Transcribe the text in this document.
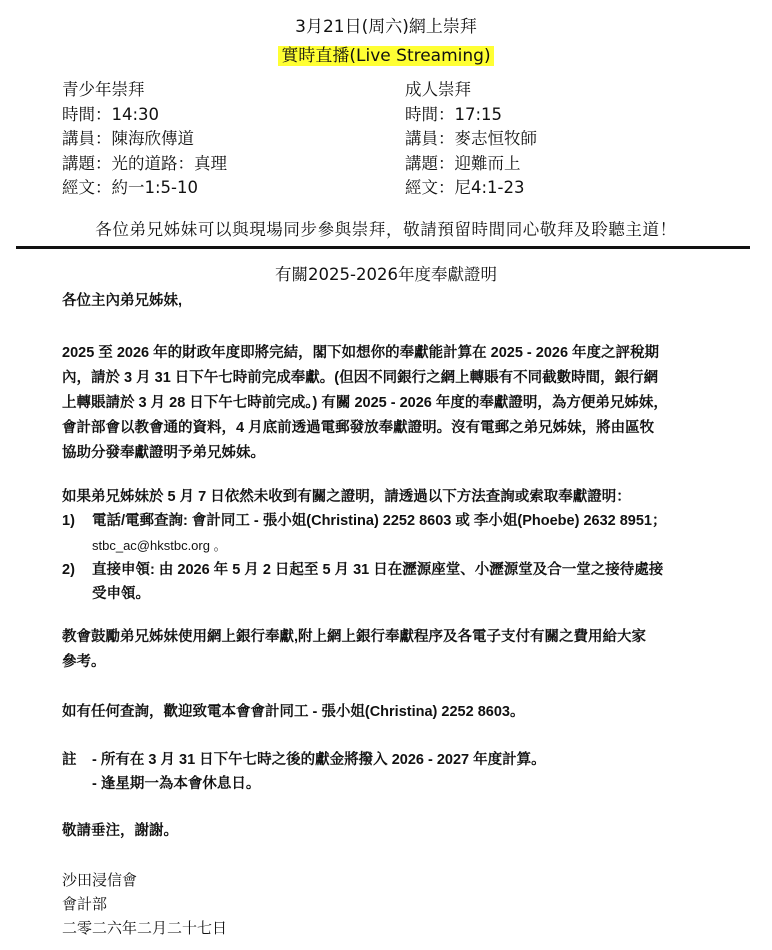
3月21日(周六)網上崇拜
實時直播(Live Streaming)
青少年崇拜
時間：14:30
講員：陳海欣傳道
講題：光的道路：真理
經文：約一1:5-10
成人崇拜
時間：17:15
講員：麥志恒牧師
講題：迎難而上
經文：尼4:1-23
各位弟兄姊妹可以與現場同步參與崇拜，敬請預留時間同心敬拜及聆聽主道！
有關2025-2026年度奉獻證明
各位主內弟兄姊妹,
2025 至 2026 年的財政年度即將完結，閣下如想你的奉獻能計算在 2025 - 2026 年度之評稅期
內，請於 3 月 31 日下午七時前完成奉獻。(但因不同銀行之網上轉賬有不同截數時間，銀行網
上轉賬請於 3 月 28 日下午七時前完成。) 有關 2025 - 2026 年度的奉獻證明，為方便弟兄姊妹，
會計部會以教會通的資料，4 月底前透過電郵發放奉獻證明。沒有電郵之弟兄姊妹，將由區牧
協助分發奉獻證明予弟兄姊妹。
如果弟兄姊妹於 5 月 7 日依然未收到有關之證明，請透過以下方法查詢或索取奉獻證明：
1) 電話/電郵查詢: 會計同工 - 張小姐(Christina) 2252 8603 或 李小姐(Phoebe) 2632 8951；
stbc_ac@hkstbc.org 。
2) 直接申領: 由 2026 年 5 月 2 日起至 5 月 31 日在瀝源座堂、小瀝源堂及合一堂之接待處接
受申領。
教會鼓勵弟兄姊妹使用網上銀行奉獻,附上網上銀行奉獻程序及各電子支付有關之費用給大家
參考。
如有任何查詢，歡迎致電本會會計同工 - 張小姐(Christina) 2252 8603。
註 - 所有在 3 月 31 日下午七時之後的獻金將撥入 2026 - 2027 年度計算。
- 逢星期一為本會休息日。
敬請垂注，謝謝。
沙田浸信會
會計部
二零二六年二月二十七日
